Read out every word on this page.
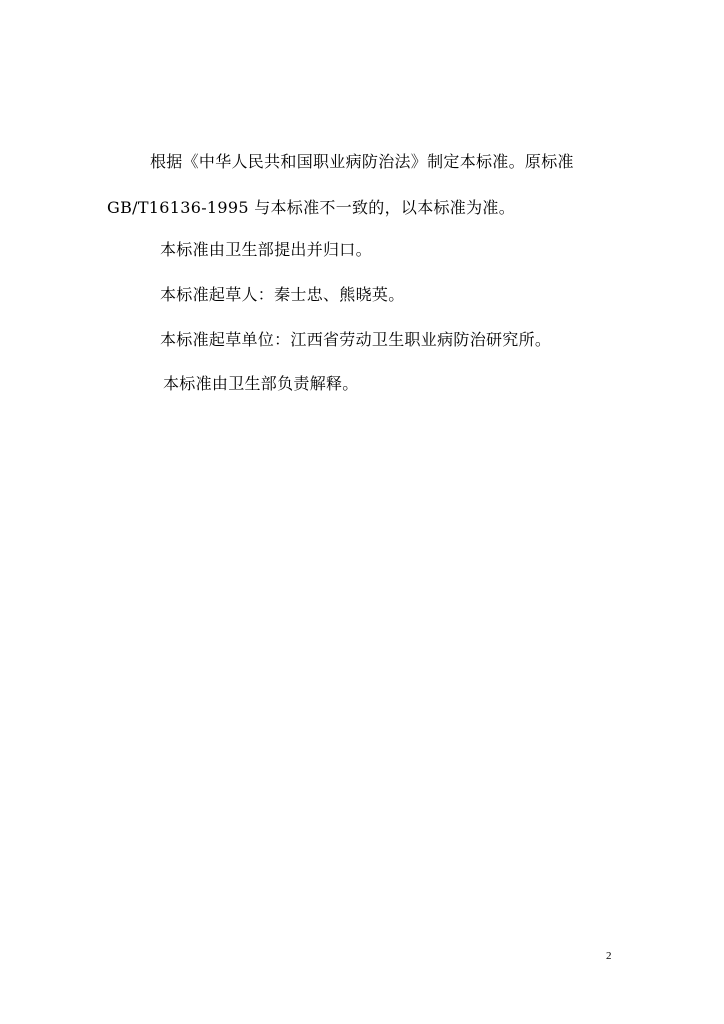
根据《中华人民共和国职业病防治法》制定本标准。原标准

GB/T16136-1995 与本标准不一致的，以本标准为准。

本标准由卫生部提出并归口。

本标准起草人：秦士忠、熊晓英。

本标准起草单位：江西省劳动卫生职业病防治研究所。

本标准由卫生部负责解释。

2
